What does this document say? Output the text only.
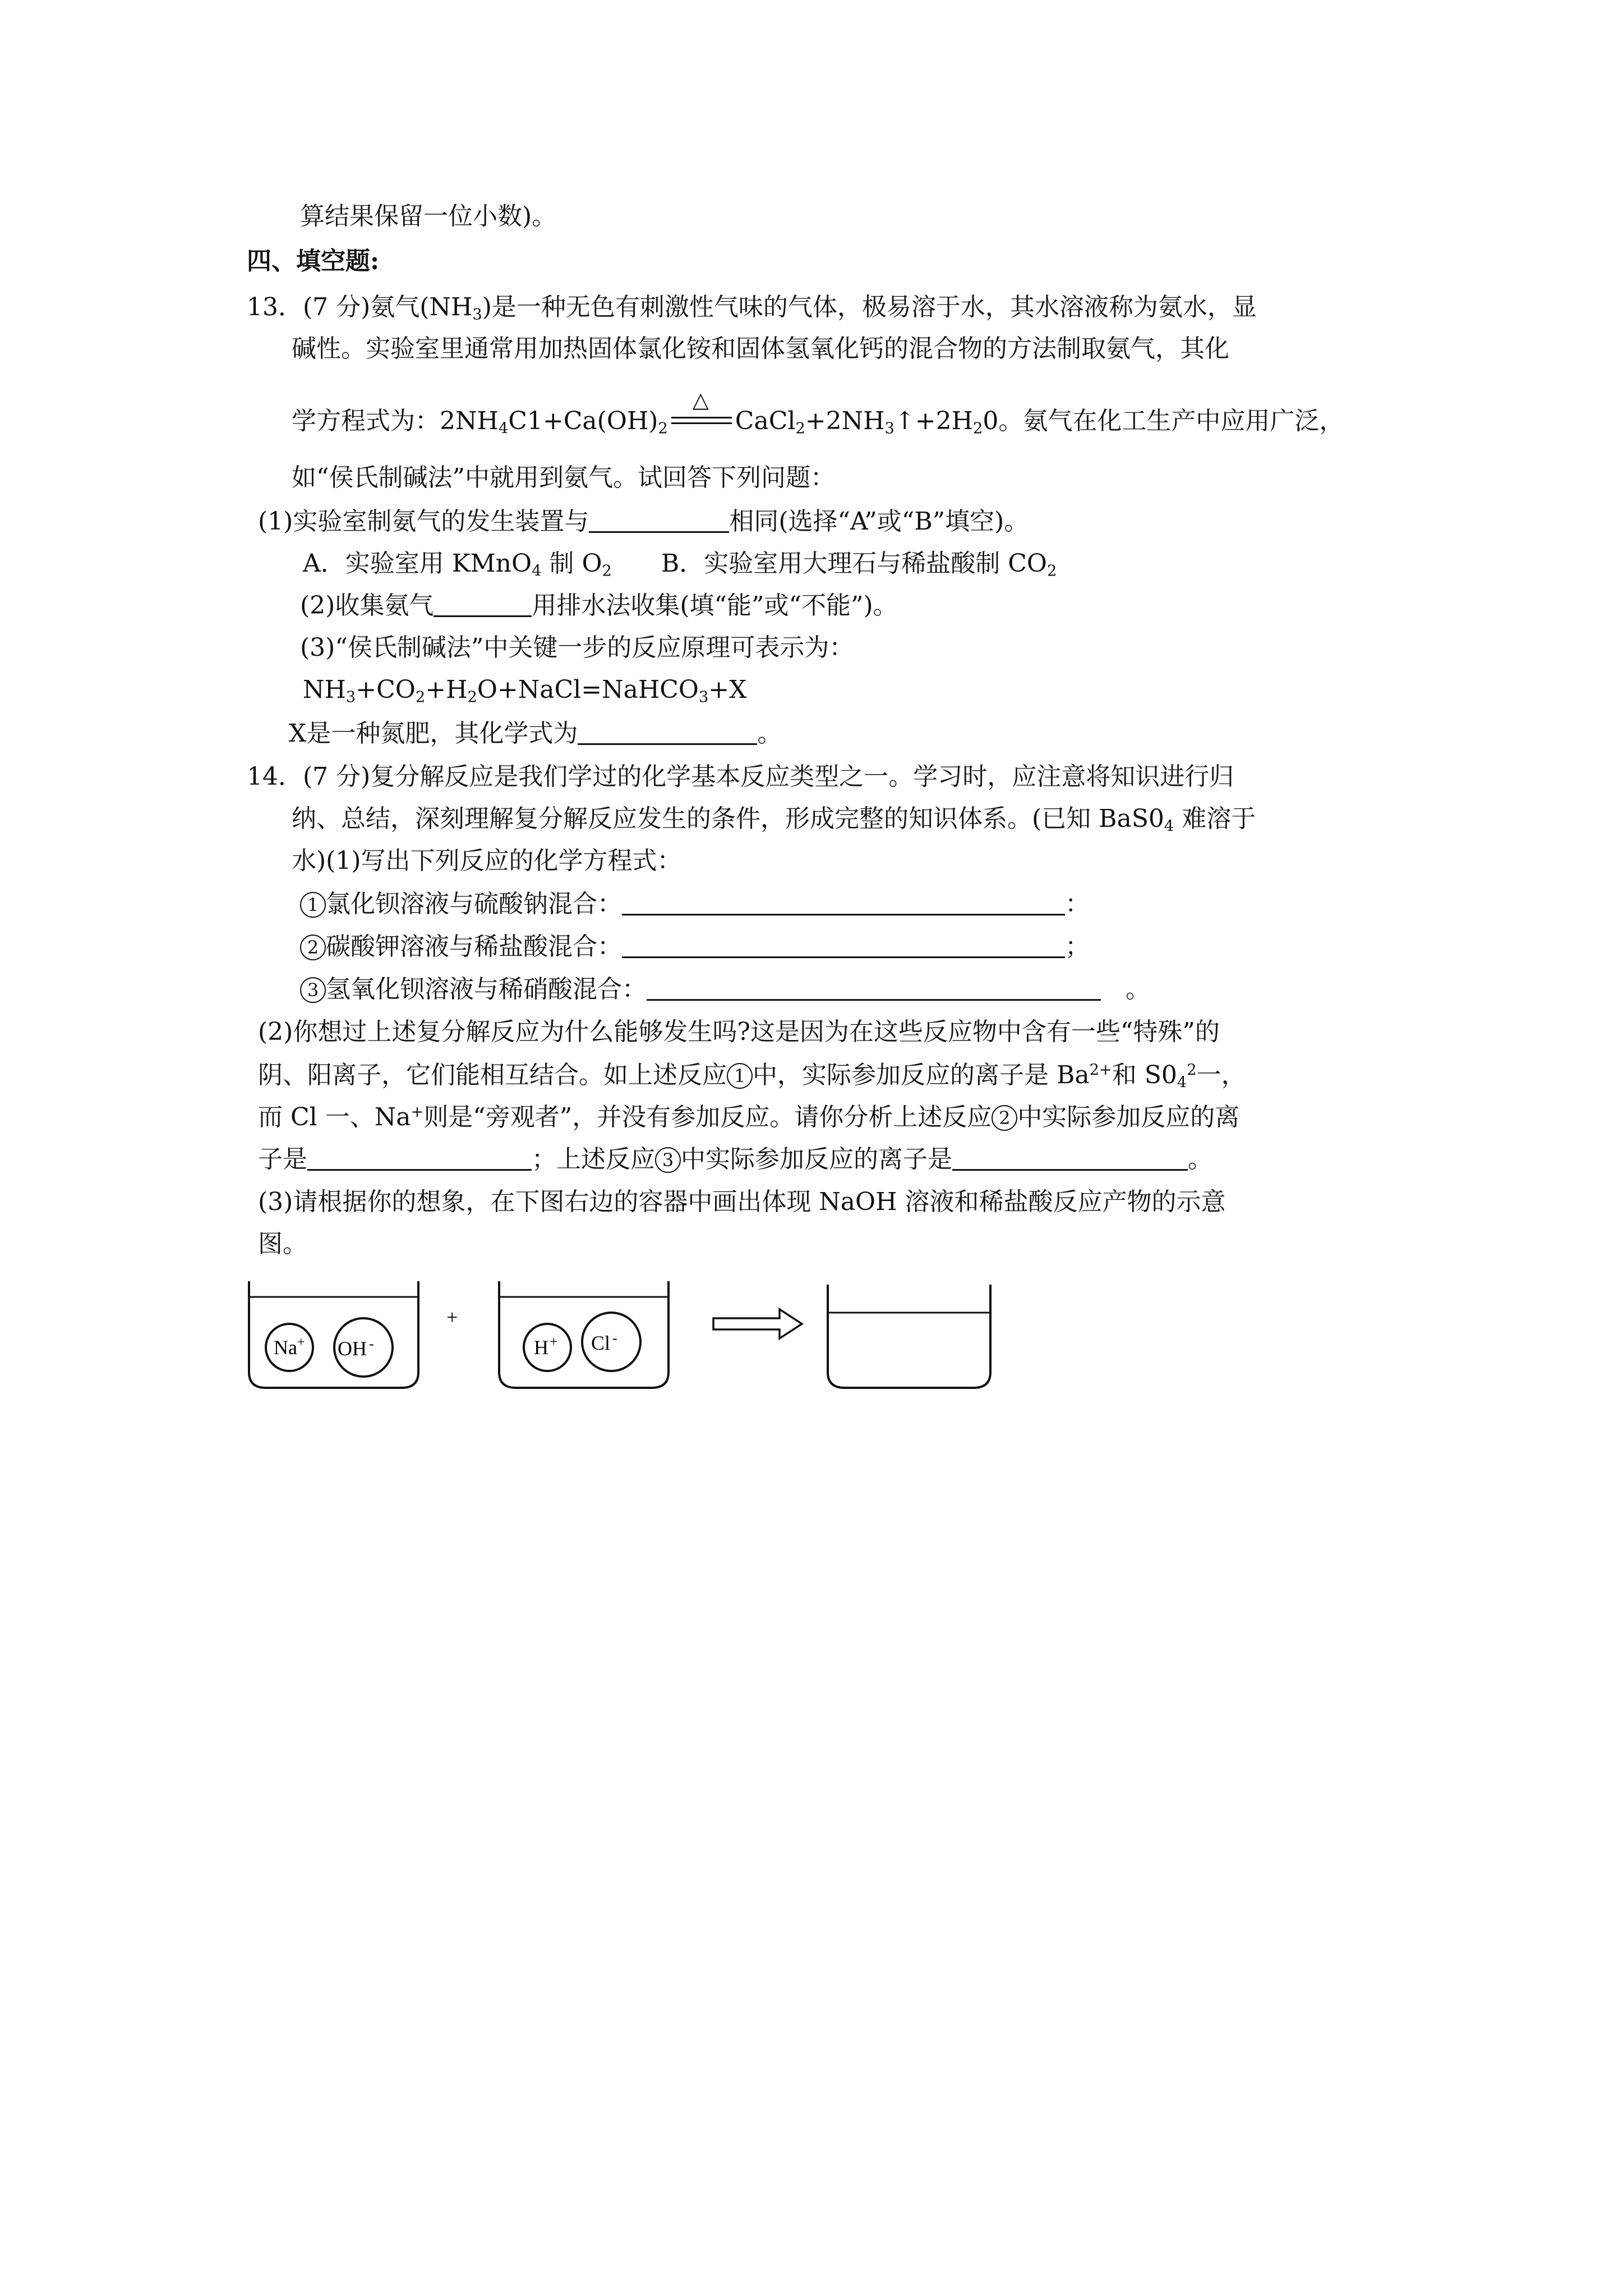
算结果保留一位小数)。
四、填空题:
13．(7 分)氨气$(NH_3)$是一种无色有刺激性气味的气体，极易溶于水，其水溶液称为氨水，显
碱性。实验室里通常用加热固体氯化铵和固体氢氧化钙的混合物的方法制取氨气，其化
学方程式为：$2NH_4C1+Ca(OH)_2$
△
$CaCl_2+2NH_3↑+2H_20$。氨气在化工生产中应用广泛，
如“侯氏制碱法”中就用到氨气。试回答下列问题：
(1)实验室制氨气的发生装置与	相同(选择“A”或“B”填空)。
A．实验室用 KMnO$_4$ 制 $O_2$　　B．实验室用大理石与稀盐酸制 $CO_2$
(2)收集氨气	用排水法收集(填“能”或“不能”)。
(3)“侯氏制碱法”中关键一步的反应原理可表示为：
$NH_3+CO_2+H_2O+NaCl=NaHCO_3+X$
X是一种氮肥，其化学式为	。
14．(7 分)复分解反应是我们学过的化学基本反应类型之一。学习时，应注意将知识进行归
纳、总结，深刻理解复分解反应发生的条件，形成完整的知识体系。(已知 $BaS0_4$ 难溶于
水)(1)写出下列反应的化学方程式：
1 氯化钡溶液与硫酸钠混合：	：
2 碳酸钾溶液与稀盐酸混合：	；
3 氢氧化钡溶液与稀硝酸混合：	　。
(2)你想过上述复分解反应为什么能够发生吗?这是因为在这些反应物中含有一些“特殊”的
阴、阳离子，它们能相互结合。如上述反应 1 中，实际参加反应的离子是 $Ba^{2+}$和 $S0_4^2$一，
而 Cl 一、Na+则是“旁观者”，并没有参加反应。请你分析上述反应 2 中实际参加反应的离
子是	；上述反应 3 中实际参加反应的离子是	。
(3)请根据你的想象，在下图右边的容器中画出体现 NaOH 溶液和稀盐酸反应产物的示意
图。
Na+ OH -
+
H+ Cl -
